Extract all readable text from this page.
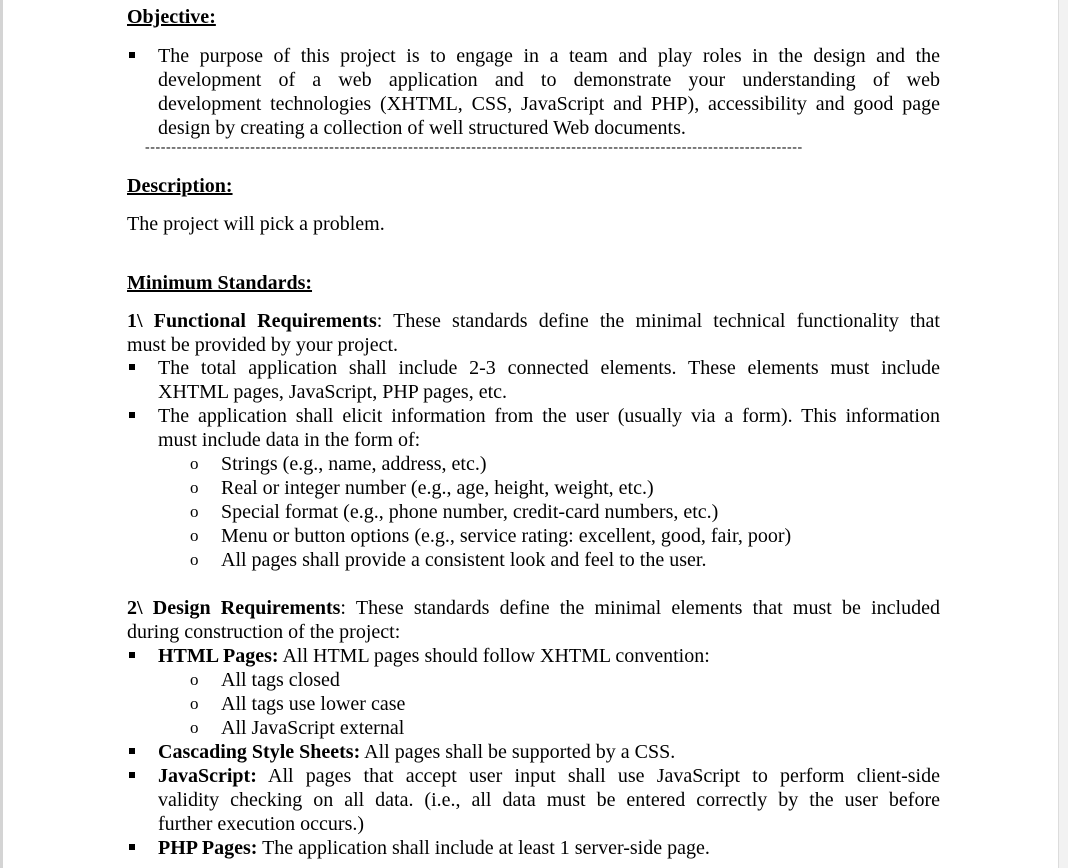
Objective:
The purpose of this project is to engage in a team and play roles in the design and the
development of a web application and to demonstrate your understanding of web
development technologies (XHTML, CSS, JavaScript and PHP), accessibility and good page
design by creating a collection of well structured Web documents.
-----------------------------------------------------------------------------------------------------------------------------
Description:
The project will pick a problem.
Minimum Standards:
1\ Functional Requirements: These standards define the minimal technical functionality that
must be provided by your project.
The total application shall include 2-3 connected elements. These elements must include
XHTML pages, JavaScript, PHP pages, etc.
The application shall elicit information from the user (usually via a form). This information
must include data in the form of:
o Strings (e.g., name, address, etc.)
o Real or integer number (e.g., age, height, weight, etc.)
o Special format (e.g., phone number, credit-card numbers, etc.)
o Menu or button options (e.g., service rating: excellent, good, fair, poor)
o All pages shall provide a consistent look and feel to the user.
2\ Design Requirements: These standards define the minimal elements that must be included
during construction of the project:
HTML Pages: All HTML pages should follow XHTML convention:
o All tags closed
o All tags use lower case
o All JavaScript external
Cascading Style Sheets: All pages shall be supported by a CSS.
JavaScript: All pages that accept user input shall use JavaScript to perform client-side
validity checking on all data. (i.e., all data must be entered correctly by the user before
further execution occurs.)
PHP Pages: The application shall include at least 1 server-side page.
